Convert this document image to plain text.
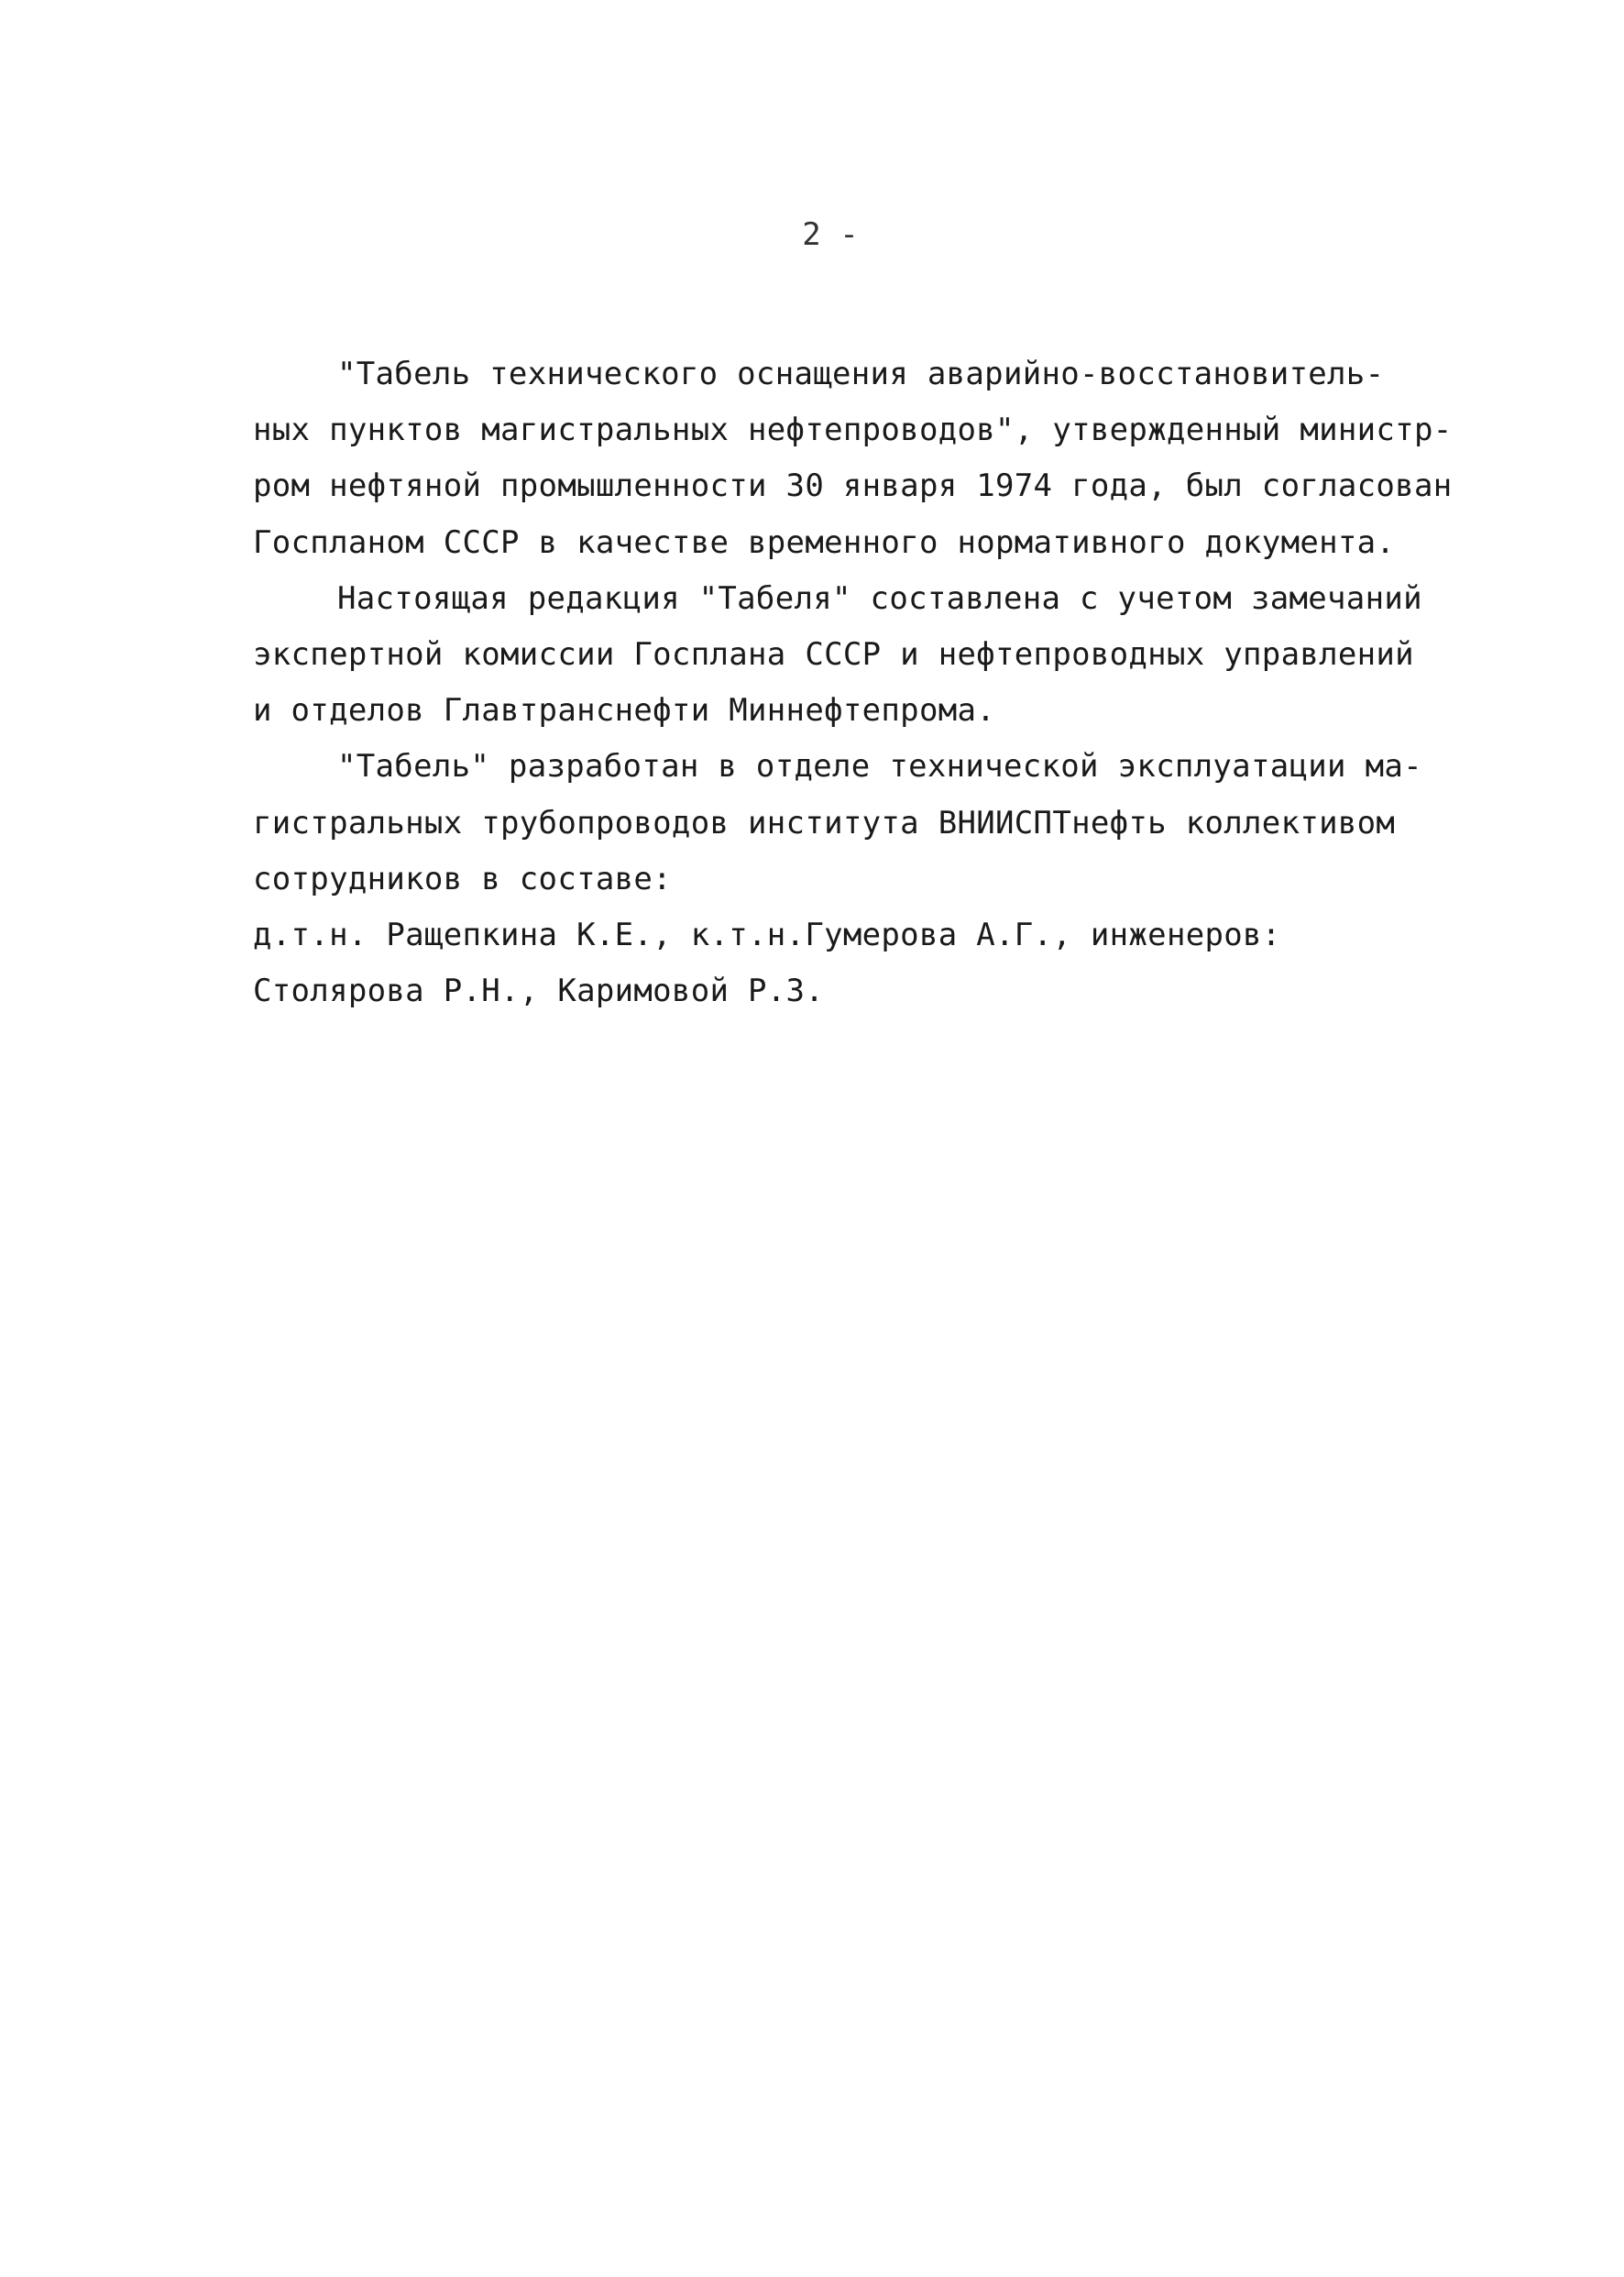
2 -
"Табель технического оснащения аварийно-восстановитель-
ных пунктов магистральных нефтепроводов", утвержденный министр-
ром нефтяной промышленности 30 января 1974 года, был согласован
Госпланом СССР в качестве временного нормативного документа.
Настоящая редакция "Табеля" составлена с учетом замечаний
экспертной комиссии Госплана СССР и нефтепроводных управлений
и отделов Главтранснефти Миннефтепрома.
"Табель" разработан в отделе технической эксплуатации ма-
гистральных трубопроводов института ВНИИСПТнефть коллективом
сотрудников в составе:
д.т.н. Ращепкина К.Е., к.т.н.Гумерова А.Г., инженеров:
Столярова Р.Н., Каримовой Р.З.
